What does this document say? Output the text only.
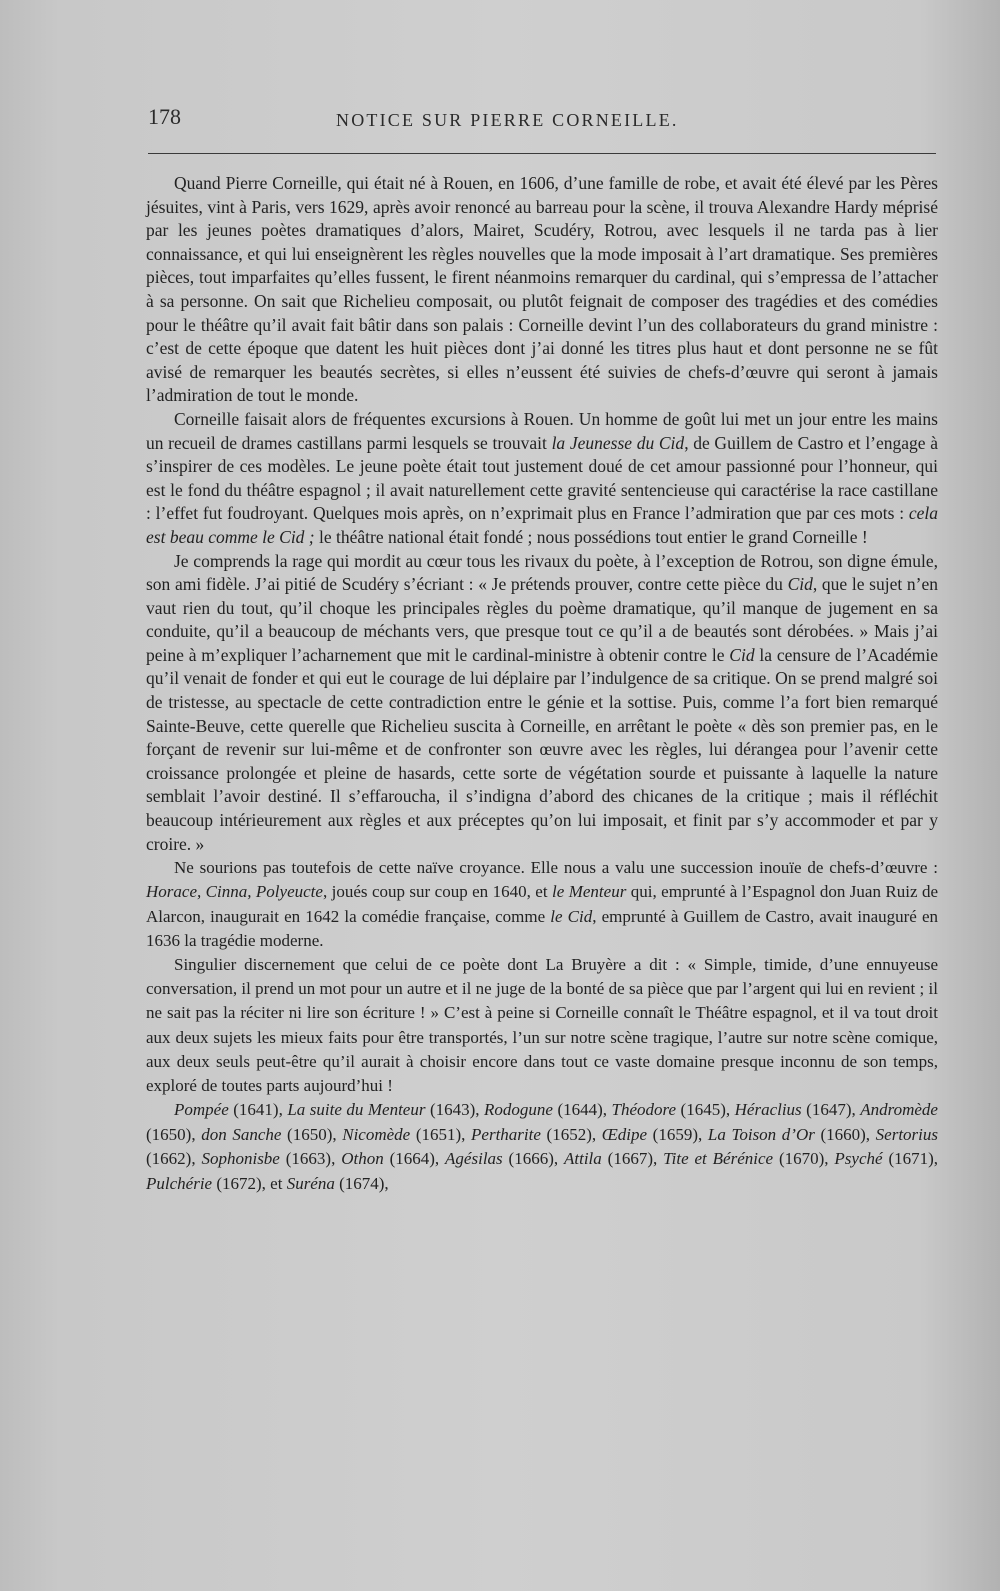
178	NOTICE SUR PIERRE CORNEILLE.

Quand Pierre Corneille, qui était né à Rouen, en 1606, d’une famille de robe, et avait été élevé par les Pères jésuites, vint à Paris, vers 1629, après avoir renoncé au barreau pour la scène, il trouva Alexandre Hardy méprisé par les jeunes poètes dramatiques d’alors, Mairet, Scudéry, Rotrou, avec lesquels il ne tarda pas à lier connaissance, et qui lui enseignèrent les règles nouvelles que la mode imposait à l’art dramatique. Ses premières pièces, tout imparfaites qu’elles fussent, le firent néanmoins remarquer du cardinal, qui s’empressa de l’attacher à sa personne. On sait que Richelieu composait, ou plutôt feignait de composer des tragédies et des comédies pour le théâtre qu’il avait fait bâtir dans son palais : Corneille devint l’un des collaborateurs du grand ministre : c’est de cette époque que datent les huit pièces dont j’ai donné les titres plus haut et dont personne ne se fût avisé de remarquer les beautés secrètes, si elles n’eussent été suivies de chefs-d’œuvre qui seront à jamais l’admiration de tout le monde.

Corneille faisait alors de fréquentes excursions à Rouen. Un homme de goût lui met un jour entre les mains un recueil de drames castillans parmi lesquels se trouvait la Jeunesse du Cid, de Guillem de Castro et l’engage à s’inspirer de ces modèles. Le jeune poète était tout justement doué de cet amour passionné pour l’honneur, qui est le fond du théâtre espagnol ; il avait naturellement cette gravité sentencieuse qui caractérise la race castillane : l’effet fut foudroyant. Quelques mois après, on n’exprimait plus en France l’admiration que par ces mots : cela est beau comme le Cid ; le théâtre national était fondé ; nous possédions tout entier le grand Corneille !

Je comprends la rage qui mordit au cœur tous les rivaux du poète, à l’exception de Rotrou, son digne émule, son ami fidèle. J’ai pitié de Scudéry s’écriant : « Je prétends prouver, contre cette pièce du Cid, que le sujet n’en vaut rien du tout, qu’il choque les principales règles du poème dramatique, qu’il manque de jugement en sa conduite, qu’il a beaucoup de méchants vers, que presque tout ce qu’il a de beautés sont dérobées. » Mais j’ai peine à m’expliquer l’acharnement que mit le cardinal-ministre à obtenir contre le Cid la censure de l’Académie qu’il venait de fonder et qui eut le courage de lui déplaire par l’indulgence de sa critique. On se prend malgré soi de tristesse, au spectacle de cette contradiction entre le génie et la sottise. Puis, comme l’a fort bien remarqué Sainte-Beuve, cette querelle que Richelieu suscita à Corneille, en arrêtant le poète « dès son premier pas, en le forçant de revenir sur lui-même et de confronter son œuvre avec les règles, lui dérangea pour l’avenir cette croissance prolongée et pleine de hasards, cette sorte de végétation sourde et puissante à laquelle la nature semblait l’avoir destiné. Il s’effaroucha, il s’indigna d’abord des chicanes de la critique ; mais il réfléchit beaucoup intérieurement aux règles et aux préceptes qu’on lui imposait, et finit par s’y accommoder et par y croire. »

Ne sourions pas toutefois de cette naïve croyance. Elle nous a valu une succession inouïe de chefs-d’œuvre : Horace, Cinna, Polyeucte, joués coup sur coup en 1640, et le Menteur qui, emprunté à l’Espagnol don Juan Ruiz de Alarcon, inaugurait en 1642 la comédie française, comme le Cid, emprunté à Guillem de Castro, avait inauguré en 1636 la tragédie moderne.

Singulier discernement que celui de ce poète dont La Bruyère a dit : « Simple, timide, d’une ennuyeuse conversation, il prend un mot pour un autre et il ne juge de la bonté de sa pièce que par l’argent qui lui en revient ; il ne sait pas la réciter ni lire son écriture ! » C’est à peine si Corneille connaît le Théâtre espagnol, et il va tout droit aux deux sujets les mieux faits pour être transportés, l’un sur notre scène tragique, l’autre sur notre scène comique, aux deux seuls peut-être qu’il aurait à choisir encore dans tout ce vaste domaine presque inconnu de son temps, exploré de toutes parts aujourd’hui !

Pompée (1641), La suite du Menteur (1643), Rodogune (1644), Théodore (1645), Héraclius (1647), Andromède (1650), don Sanche (1650), Nicomède (1651), Pertharite (1652), Œdipe (1659), La Toison d’Or (1660), Sertorius (1662), Sophonisbe (1663), Othon (1664), Agésilas (1666), Attila (1667), Tite et Bérénice (1670), Psyché (1671), Pulchérie (1672), et Suréna (1674),
